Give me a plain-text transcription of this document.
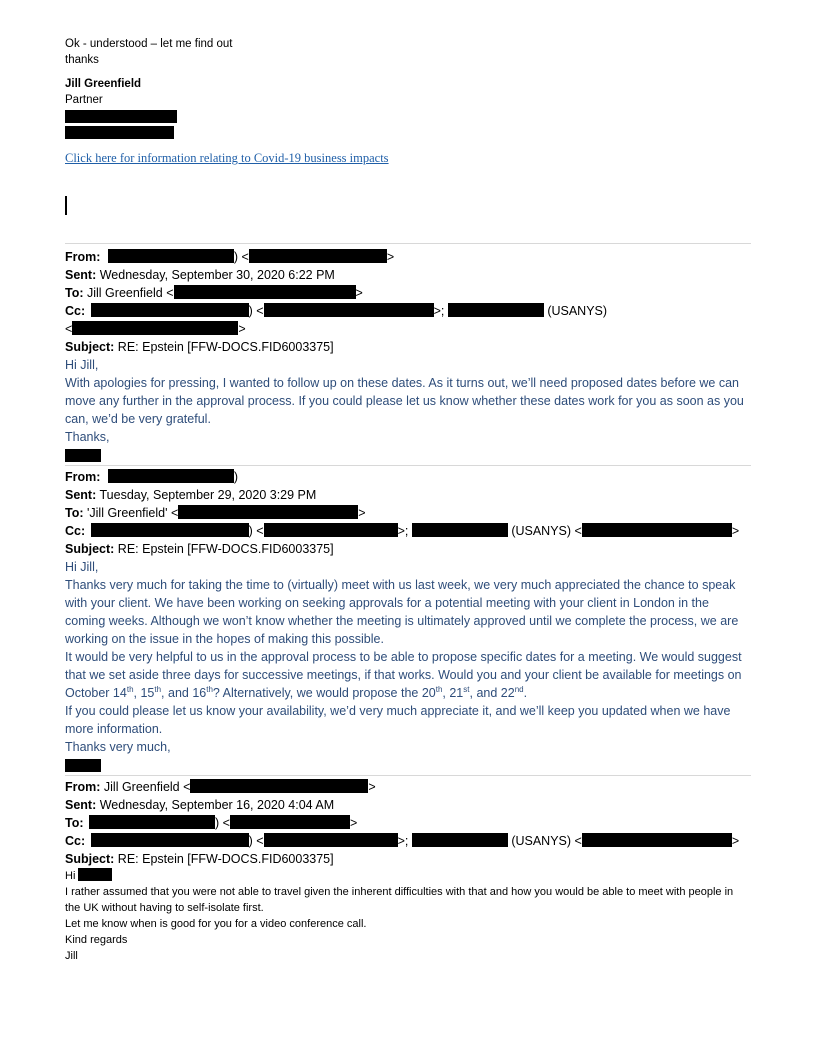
Ok - understood – let me find out
thanks
Jill Greenfield
Partner
Click here for information relating to Covid-19 business impacts
From:	) <	>
Sent: Wednesday, September 30, 2020 6:22 PM
To: Jill Greenfield <	>
Cc:	) <	>;	(USANYS)
<	>
Subject: RE: Epstein [FFW-DOCS.FID6003375]
Hi Jill,
With apologies for pressing, I wanted to follow up on these dates. As it turns out, we’ll need proposed dates before we can move any further in the approval process. If you could please let us know whether these dates work for you as soon as you can, we’d be very grateful.
Thanks,
From:	)
Sent: Tuesday, September 29, 2020 3:29 PM
To: 'Jill Greenfield' <	>
Cc:	) <	>;	(USANYS) <	>
Subject: RE: Epstein [FFW-DOCS.FID6003375]
Hi Jill,
Thanks very much for taking the time to (virtually) meet with us last week, we very much appreciated the chance to speak with your client. We have been working on seeking approvals for a potential meeting with your client in London in the coming weeks. Although we won’t know whether the meeting is ultimately approved until we complete the process, we are working on the issue in the hopes of making this possible.
It would be very helpful to us in the approval process to be able to propose specific dates for a meeting. We would suggest that we set aside three days for successive meetings, if that works. Would you and your client be available for meetings on October 14th, 15th, and 16th? Alternatively, we would propose the 20th, 21st, and 22nd.
If you could please let us know your availability, we’d very much appreciate it, and we’ll keep you updated when we have more information.
Thanks very much,
From: Jill Greenfield <	>
Sent: Wednesday, September 16, 2020 4:04 AM
To:	) <	>
Cc:	) <	>;	(USANYS) <	>
Subject: RE: Epstein [FFW-DOCS.FID6003375]
Hi
I rather assumed that you were not able to travel given the inherent difficulties with that and how you would be able to meet with people in the UK without having to self-isolate first.
Let me know when is good for you for a video conference call.
Kind regards
Jill
